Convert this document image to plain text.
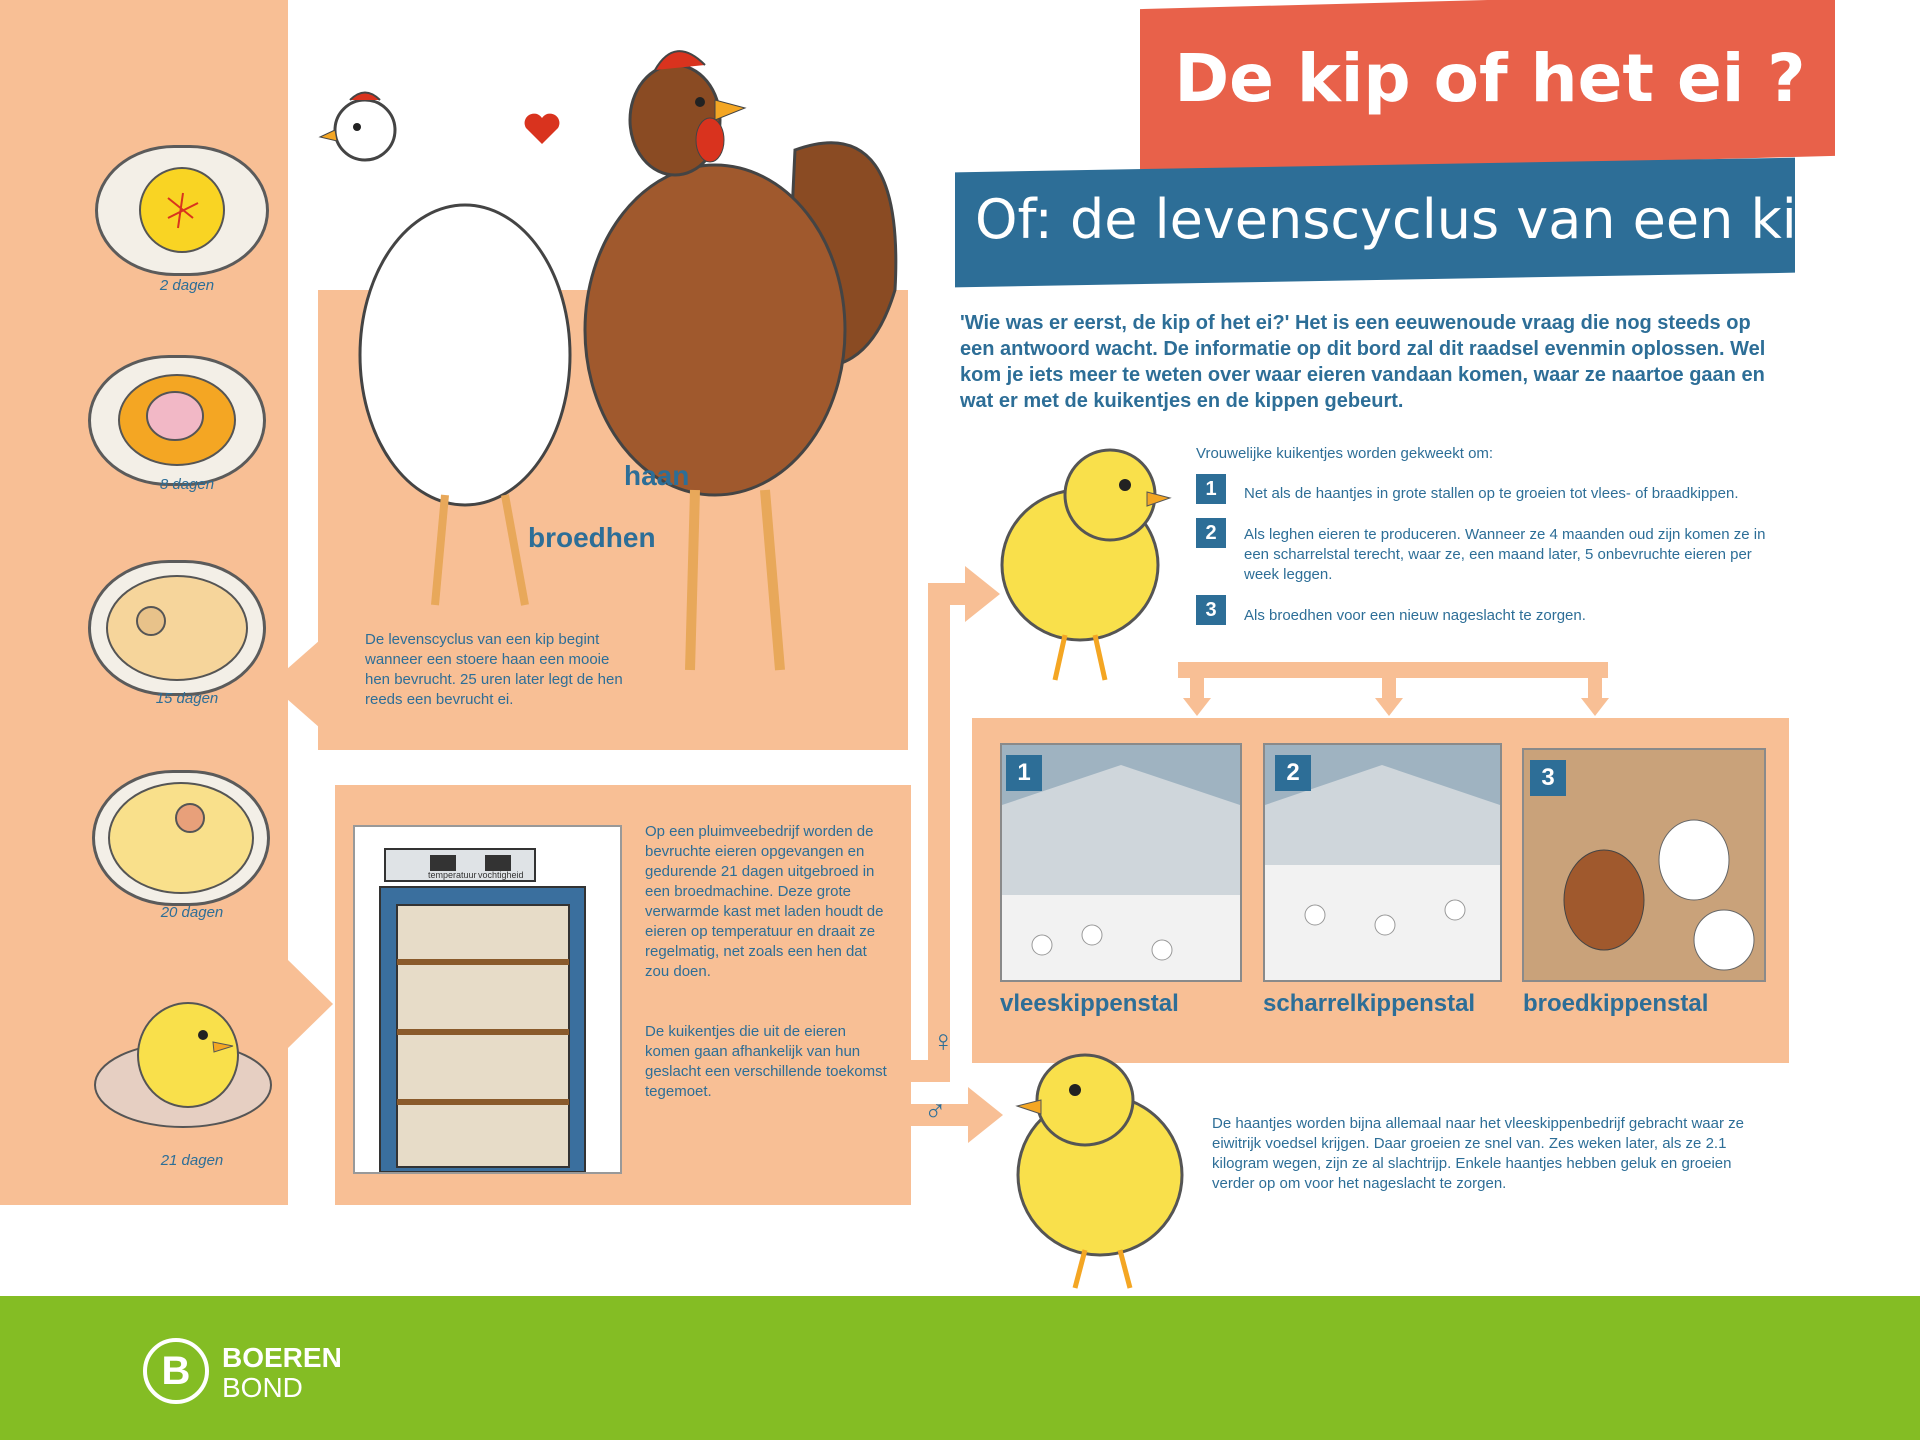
De kip of het ei ?
Of: de levenscyclus van een kip
'Wie was er eerst, de kip of het ei?' Het is een eeuwenoude vraag die nog steeds op een antwoord wacht. De informatie op dit bord zal dit raadsel evenmin oplossen. Wel kom je iets meer te weten over waar eieren vandaan komen, waar ze naartoe gaan en wat er met de kuikentjes en de kippen gebeurt.
2 dagen
8 dagen
15 dagen
20 dagen
21 dagen
haan
broedhen
De levenscyclus van een kip begint wanneer een stoere haan een mooie hen bevrucht. 25 uren later legt de hen reeds een bevrucht ei.
temperatuur vochtigheid
Op een pluimveebedrijf worden de bevruchte eieren opgevangen en gedurende 21 dagen uitgebroed in een broedmachine. Deze grote verwarmde kast met laden houdt de eieren op temperatuur en draait ze regelmatig, net zoals een hen dat zou doen.
De kuikentjes die uit de eieren komen gaan afhankelijk van hun geslacht een verschillende toekomst tegemoet.
♀
♂
Vrouwelijke kuikentjes worden gekweekt om:
1	Net als de haantjes in grote stallen op te groeien tot vlees- of braadkippen.
2	Als leghen eieren te produceren. Wanneer ze 4 maanden oud zijn komen ze in een scharrelstal terecht, waar ze, een maand later, 5 onbevruchte eieren per week leggen.
3	Als broedhen voor een nieuw nageslacht te zorgen.
1
vleeskippenstal
2
scharrelkippenstal
3
broedkippenstal
De haantjes worden bijna allemaal naar het vleeskippenbedrijf gebracht waar ze eiwitrijk voedsel krijgen. Daar groeien ze snel van. Zes weken later, als ze 2.1 kilogram wegen, zijn ze al slachtrijp. Enkele haantjes hebben geluk en groeien verder op om voor het nageslacht te zorgen.
B	BOEREN
BOND
